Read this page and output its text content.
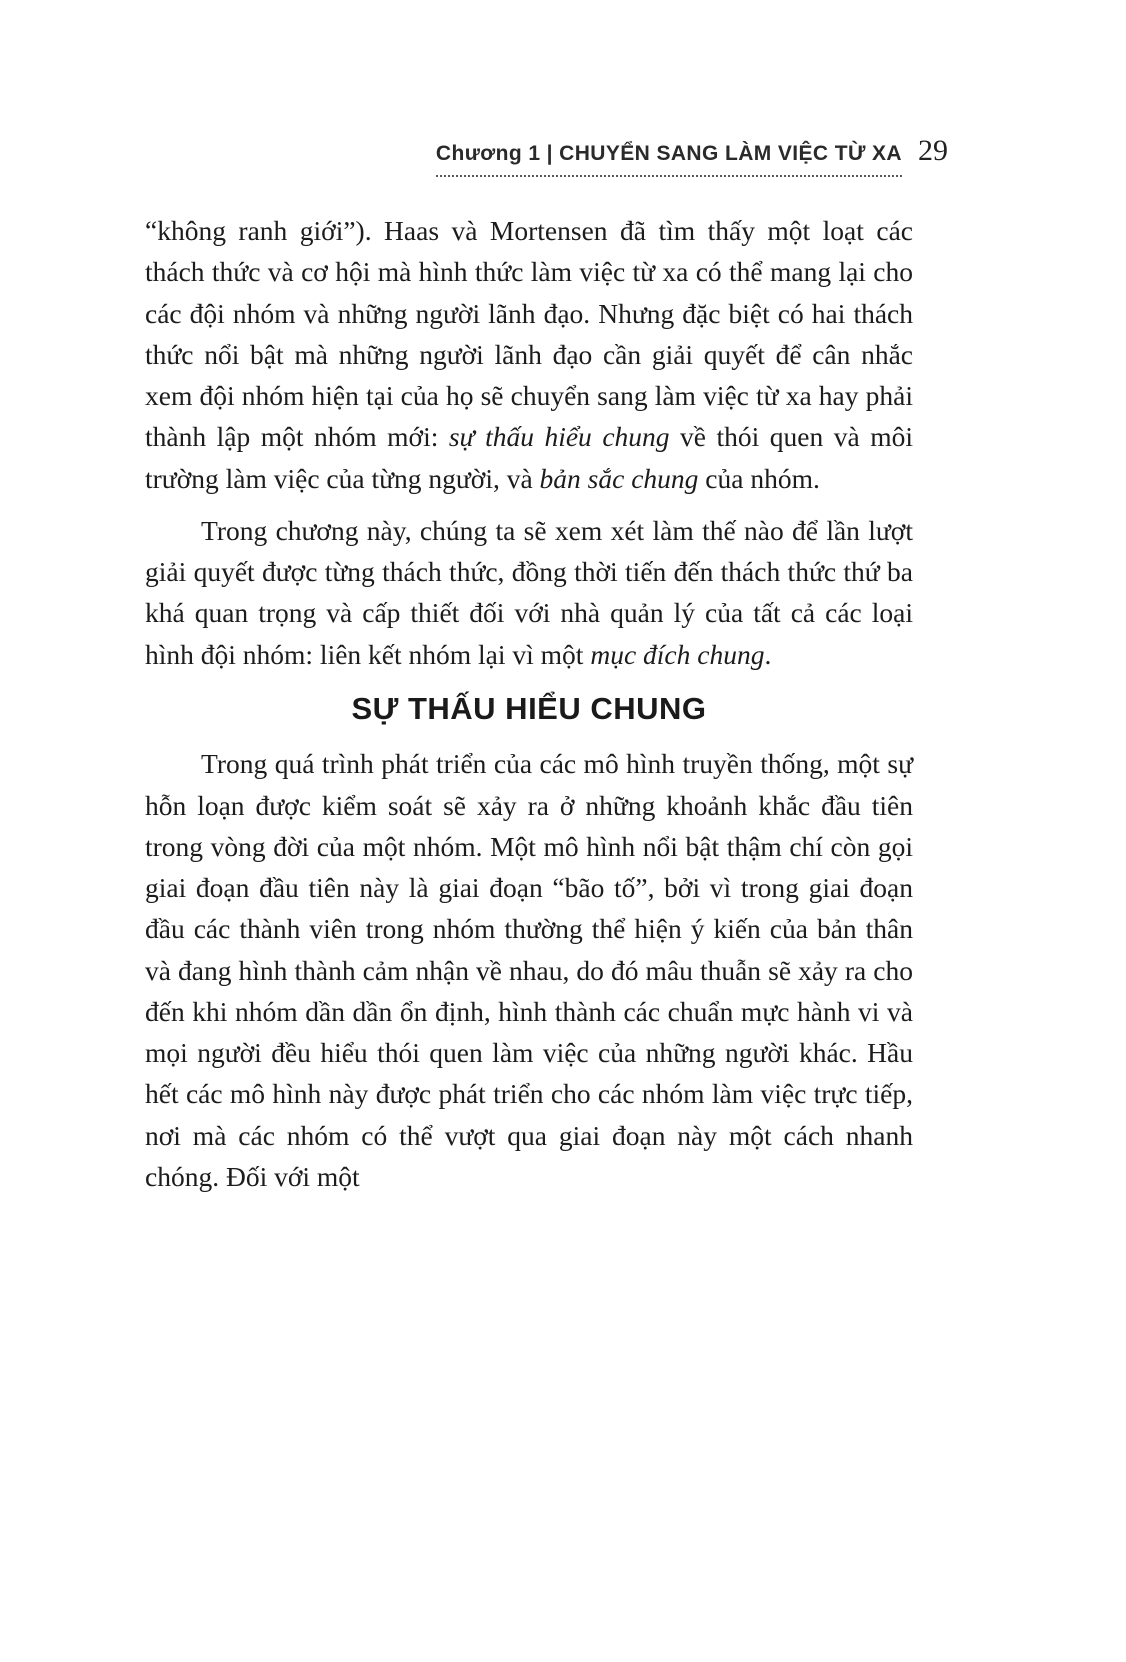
Chương 1 | CHUYỂN SANG LÀM VIỆC TỪ XA 29

“không ranh giới”). Haas và Mortensen đã tìm thấy một loạt các thách thức và cơ hội mà hình thức làm việc từ xa có thể mang lại cho các đội nhóm và những người lãnh đạo. Nhưng đặc biệt có hai thách thức nổi bật mà những người lãnh đạo cần giải quyết để cân nhắc xem đội nhóm hiện tại của họ sẽ chuyển sang làm việc từ xa hay phải thành lập một nhóm mới: sự thấu hiểu chung về thói quen và môi trường làm việc của từng người, và bản sắc chung của nhóm.

Trong chương này, chúng ta sẽ xem xét làm thế nào để lần lượt giải quyết được từng thách thức, đồng thời tiến đến thách thức thứ ba khá quan trọng và cấp thiết đối với nhà quản lý của tất cả các loại hình đội nhóm: liên kết nhóm lại vì một mục đích chung.

SỰ THẤU HIỂU CHUNG

Trong quá trình phát triển của các mô hình truyền thống, một sự hỗn loạn được kiểm soát sẽ xảy ra ở những khoảnh khắc đầu tiên trong vòng đời của một nhóm. Một mô hình nổi bật thậm chí còn gọi giai đoạn đầu tiên này là giai đoạn “bão tố”, bởi vì trong giai đoạn đầu các thành viên trong nhóm thường thể hiện ý kiến của bản thân và đang hình thành cảm nhận về nhau, do đó mâu thuẫn sẽ xảy ra cho đến khi nhóm dần dần ổn định, hình thành các chuẩn mực hành vi và mọi người đều hiểu thói quen làm việc của những người khác. Hầu hết các mô hình này được phát triển cho các nhóm làm việc trực tiếp, nơi mà các nhóm có thể vượt qua giai đoạn này một cách nhanh chóng. Đối với một
